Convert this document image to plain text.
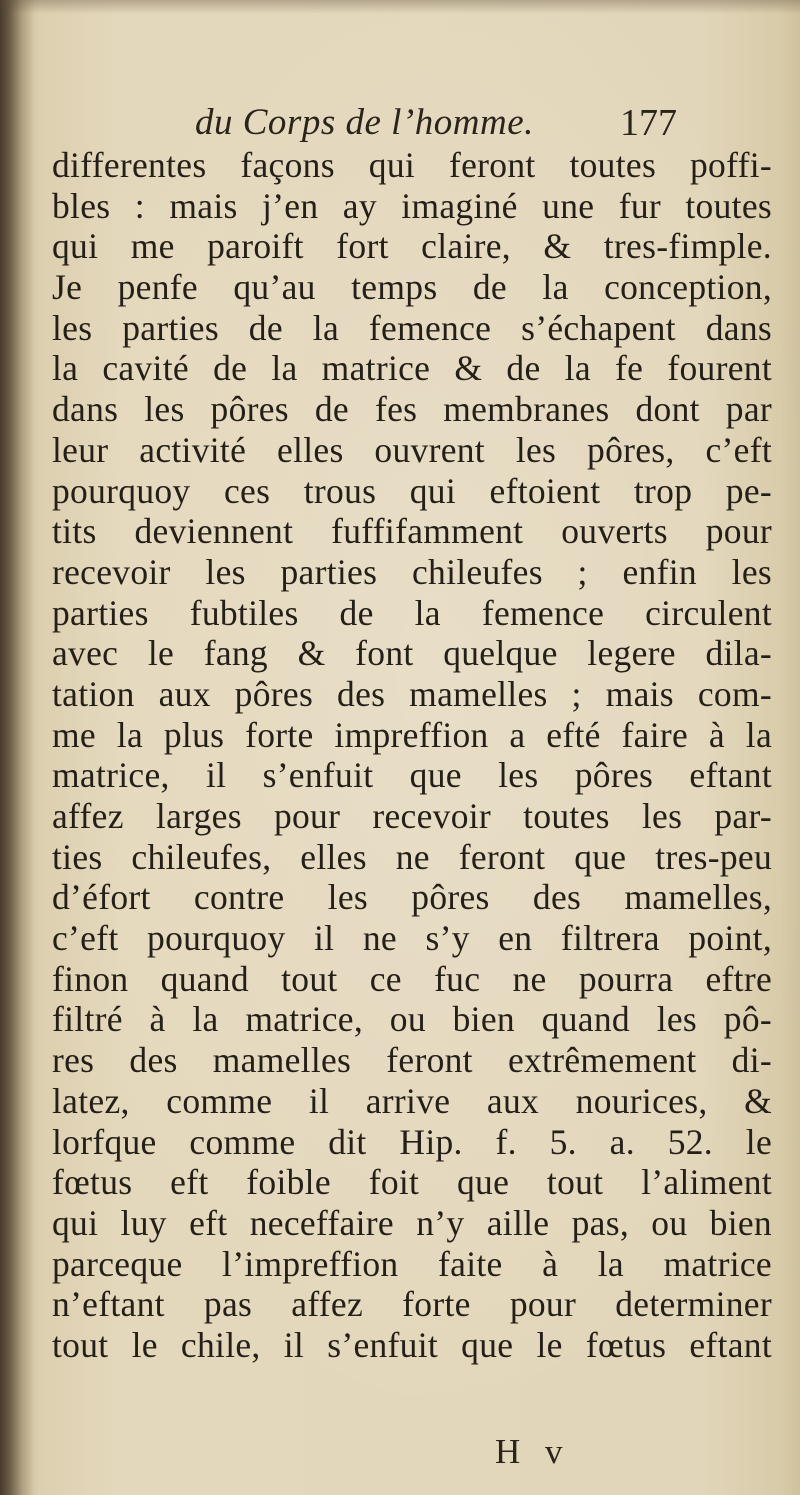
du Corps de l’homme. 177
differentes façons qui feront toutes poffi-
bles : mais j’en ay imaginé une fur toutes
qui me paroift fort claire, & tres-fimple.
Je penfe qu’au temps de la conception,
les parties de la femence s’échapent dans
la cavité de la matrice & de la fe fourent
dans les pôres de fes membranes dont par
leur activité elles ouvrent les pôres, c’eft
pourquoy ces trous qui eftoient trop pe-
tits deviennent fuffifamment ouverts pour
recevoir les parties chileufes ; enfin les
parties fubtiles de la femence circulent
avec le fang & font quelque legere dila-
tation aux pôres des mamelles ; mais com-
me la plus forte impreffion a efté faire à la
matrice, il s’enfuit que les pôres eftant
affez larges pour recevoir toutes les par-
ties chileufes, elles ne feront que tres-peu
d’éfort contre les pôres des mamelles,
c’eft pourquoy il ne s’y en filtrera point,
finon quand tout ce fuc ne pourra eftre
filtré à la matrice, ou bien quand les pô-
res des mamelles feront extrêmement di-
latez, comme il arrive aux nourices, &
lorfque comme dit Hip. f. 5. a. 52. le
fœtus eft foible foit que tout l’aliment
qui luy eft neceffaire n’y aille pas, ou bien
parceque l’impreffion faite à la matrice
n’eftant pas affez forte pour determiner
tout le chile, il s’enfuit que le fœtus eftant
H v
